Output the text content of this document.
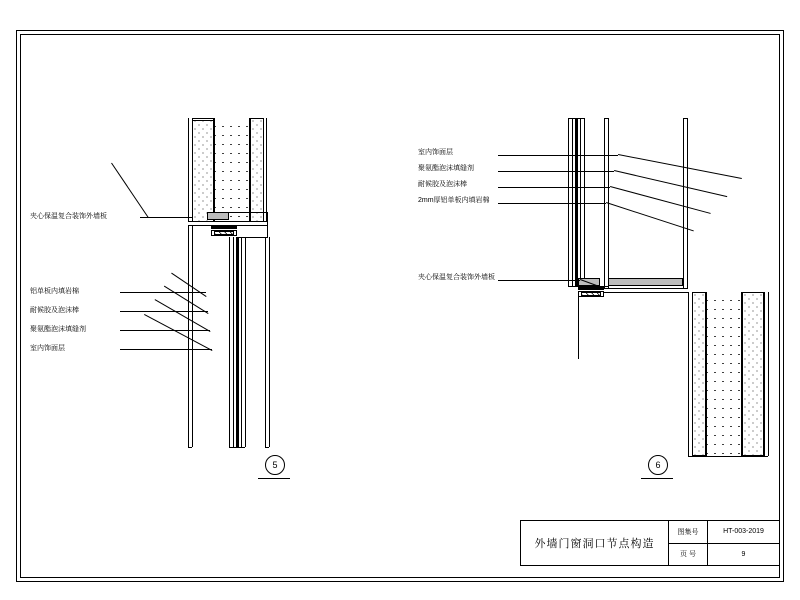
夹心保温复合装饰外墙板
铝单板内填岩棉
耐候胶及泡沫棒
聚氨酯泡沫填缝剂
室内饰面层
5
室内饰面层
聚氨酯泡沫填缝剂
耐候胶及泡沫棒
2mm厚铝单板内填岩棉
夹心保温复合装饰外墙板
6
外墙门窗洞口节点构造
图集号	HT-003-2019
页 号	9
